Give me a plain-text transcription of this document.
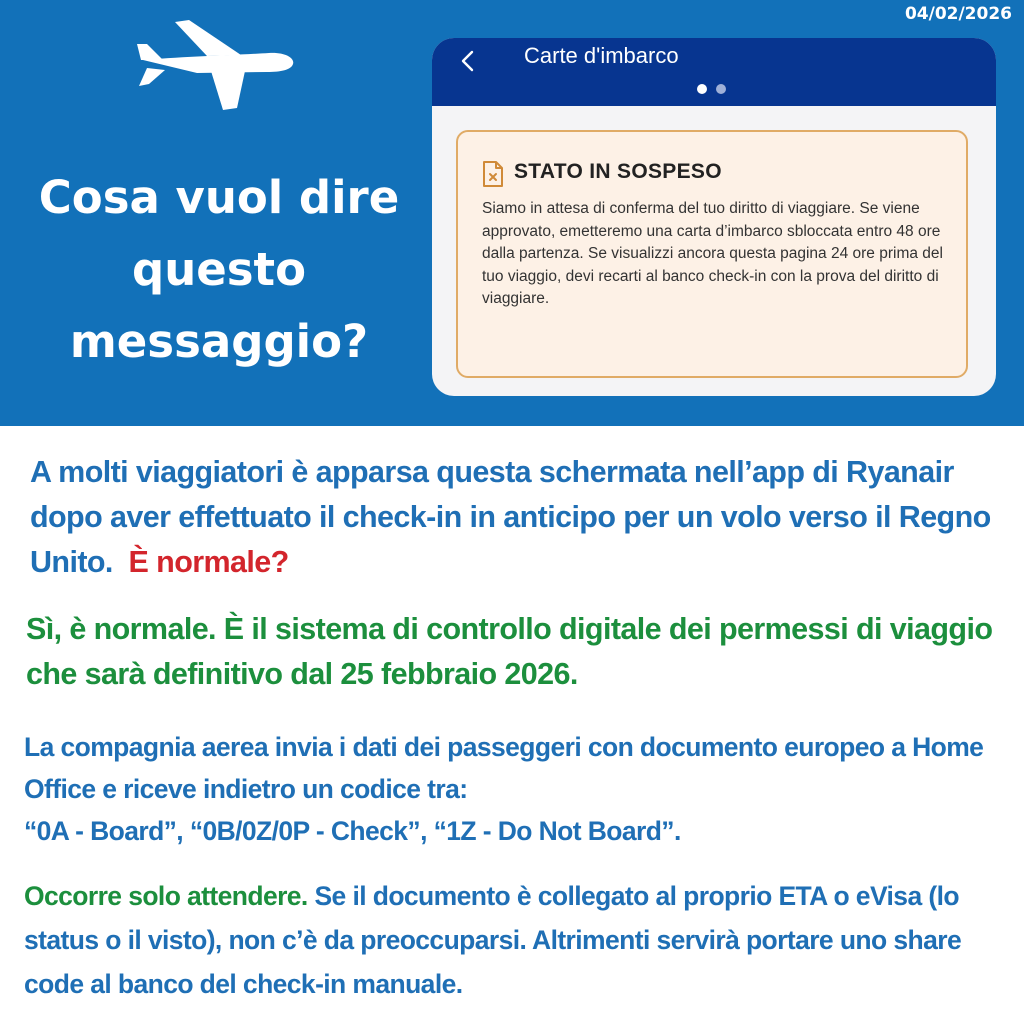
04/02/2026
Cosa vuol dire questo messaggio?
Carte d'imbarco
STATO IN SOSPESO
Siamo in attesa di conferma del tuo diritto di viaggiare. Se viene approvato, emetteremo una carta d’imbarco sbloccata entro 48 ore dalla partenza. Se visualizzi ancora questa pagina 24 ore prima del tuo viaggio, devi recarti al banco check-in con la prova del diritto di viaggiare.

A molti viaggiatori è apparsa questa schermata nell’app di Ryanair dopo aver effettuato il check-in in anticipo per un volo verso il Regno Unito. È normale?

Sì, è normale. È il sistema di controllo digitale dei permessi di viaggio che sarà definitivo dal 25 febbraio 2026.

La compagnia aerea invia i dati dei passeggeri con documento europeo a Home Office e riceve indietro un codice tra:
“0A - Board”, “0B/0Z/0P - Check”, “1Z - Do Not Board”.

Occorre solo attendere. Se il documento è collegato al proprio ETA o eVisa (lo status o il visto), non c’è da preoccuparsi. Altrimenti servirà portare uno share code al banco del check-in manuale.
